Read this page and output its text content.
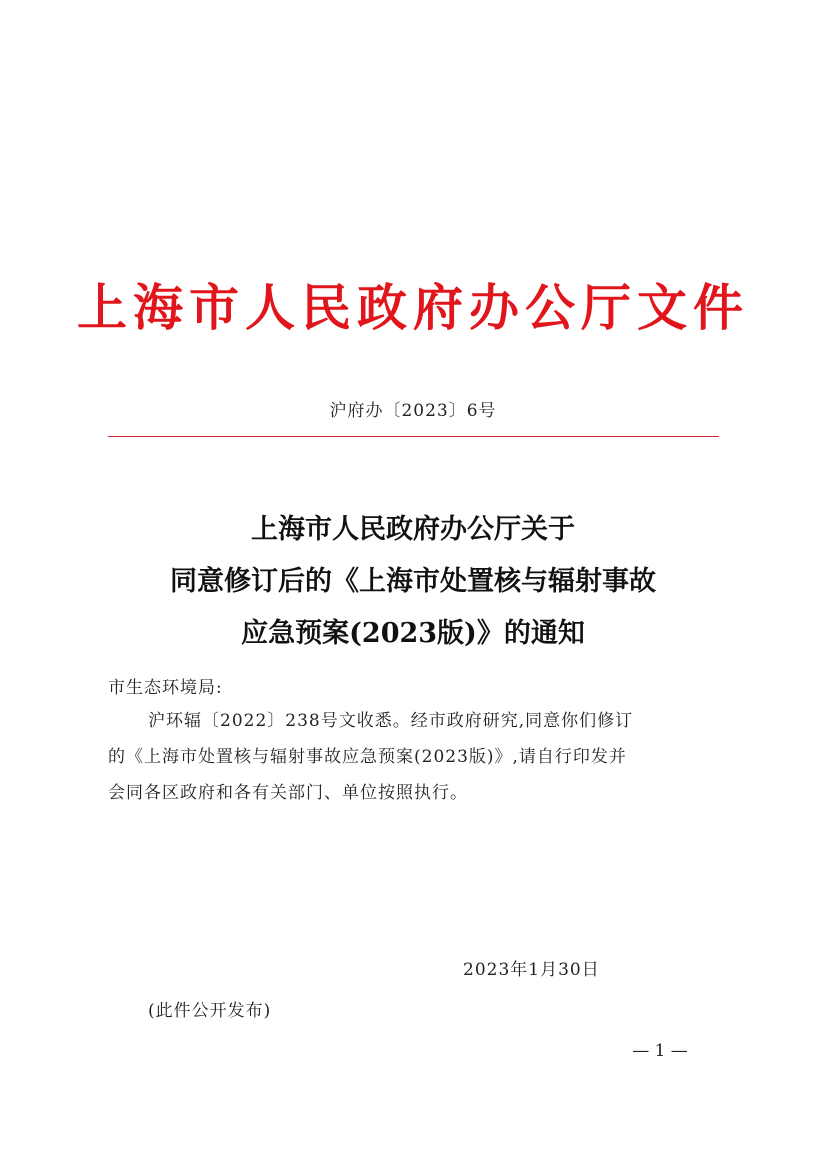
上海市人民政府办公厅文件
沪府办〔2023〕6号
上海市人民政府办公厅关于
同意修订后的《上海市处置核与辐射事故
应急预案(2023版)》的通知
市生态环境局:
沪环辐〔2022〕238号文收悉。经市政府研究,同意你们修订
的《上海市处置核与辐射事故应急预案(2023版)》,请自行印发并
会同各区政府和各有关部门、单位按照执行。
2023年1月30日
(此件公开发布)
— 1 —
